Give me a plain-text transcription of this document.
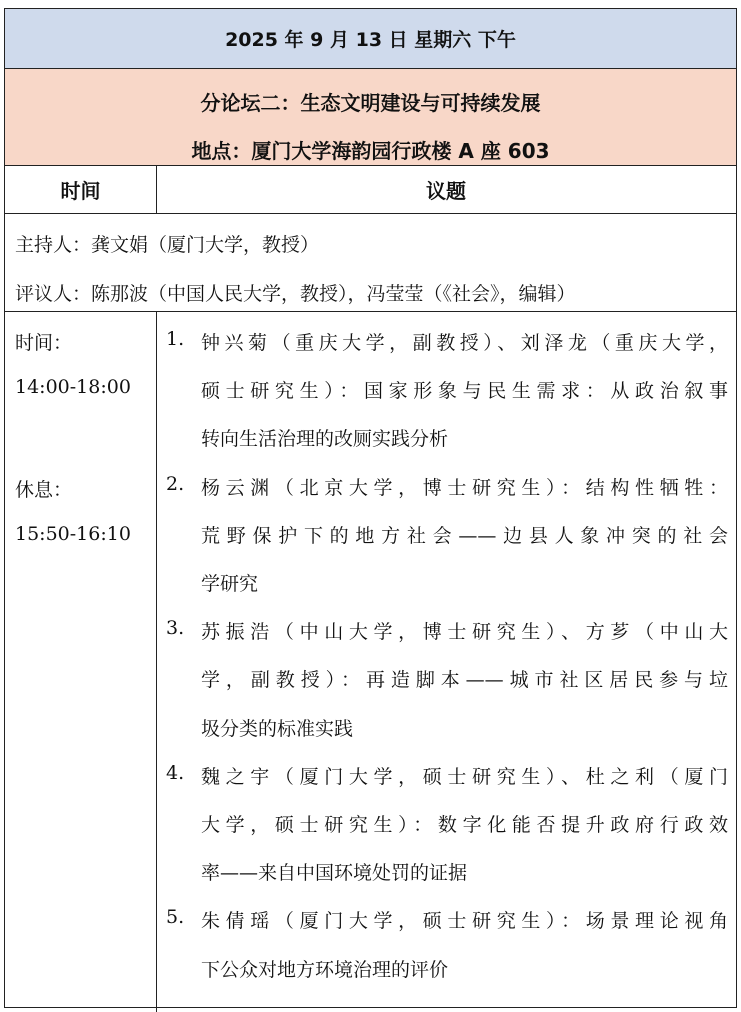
2025 年 9 月 13 日 星期六 下午
分论坛二：生态文明建设与可持续发展
地点：厦门大学海韵园行政楼 A 座 603
时间	议题
主持人：龚文娟（厦门大学，教授）
评议人：陈那波（中国人民大学，教授），冯莹莹（《社会》，编辑）
时间：
14:00-18:00
休息：
15:50-16:10
1. 钟兴菊（重庆大学，副教授）、刘泽龙（重庆大学，
硕士研究生）：国家形象与民生需求：从政治叙事
转向生活治理的改厕实践分析
2. 杨云渊（北京大学，博士研究生）：结构性牺牲：
荒野保护下的地方社会——边县人象冲突的社会
学研究
3. 苏振浩（中山大学，博士研究生）、方芗（中山大
学，副教授）：再造脚本——城市社区居民参与垃
圾分类的标准实践
4. 魏之宇（厦门大学，硕士研究生）、杜之利（厦门
大学，硕士研究生）：数字化能否提升政府行政效
率——来自中国环境处罚的证据
5. 朱倩瑶（厦门大学，硕士研究生）：场景理论视角
下公众对地方环境治理的评价
